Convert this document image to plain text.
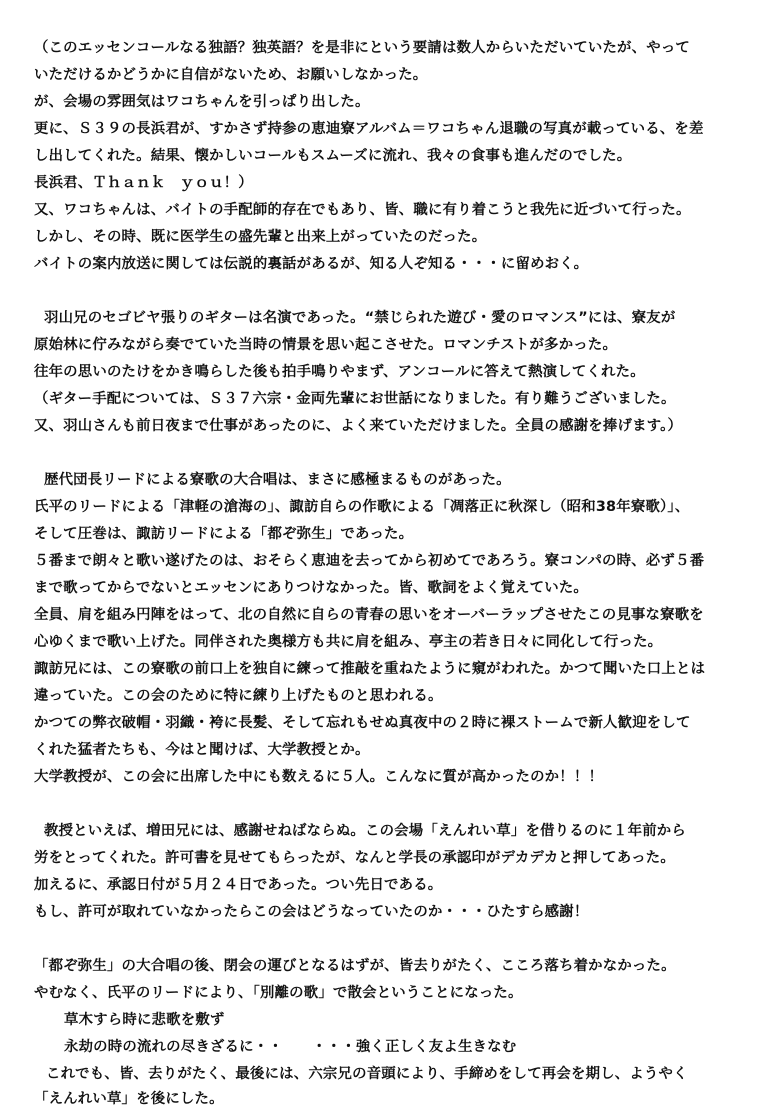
（このエッセンコールなる独語？独英語？を是非にという要請は数人からいただいていたが、やって
いただけるかどうかに自信がないため、お願いしなかった。
が、会場の雰囲気はワコちゃんを引っぱり出した。
更に、Ｓ３９の長浜君が、すかさず持参の恵迪寮アルバム＝ワコちゃん退職の写真が載っている、を差
し出してくれた。結果、懐かしいコールもスムーズに流れ、我々の食事も進んだのでした。
長浜君、Ｔｈａｎｋ　ｙｏｕ！）
又、ワコちゃんは、バイトの手配師的存在でもあり、皆、職に有り着こうと我先に近づいて行った。
しかし、その時、既に医学生の盛先輩と出来上がっていたのだった。
バイトの案内放送に関しては伝説的裏話があるが、知る人ぞ知る・・・に留めおく。
羽山兄のセゴビヤ張りのギターは名演であった。“禁じられた遊び・愛のロマンス”には、寮友が
原始林に佇みながら奏でていた当時の情景を思い起こさせた。ロマンチストが多かった。
往年の思いのたけをかき鳴らした後も拍手鳴りやまず、アンコールに答えて熱演してくれた。
（ギター手配については、Ｓ３７六宗・金両先輩にお世話になりました。有り難うございました。
又、羽山さんも前日夜まで仕事があったのに、よく来ていただけました。全員の感謝を捧げます。）
歴代団長リードによる寮歌の大合唱は、まさに感極まるものがあった。
氏平のリードによる「津軽の滄海の」、諏訪自らの作歌による「凋落正に秋深し（昭和38年寮歌）」、
そして圧巻は、諏訪リードによる「都ぞ弥生」であった。
５番まで朗々と歌い遂げたのは、おそらく恵迪を去ってから初めてであろう。寮コンパの時、必ず５番
まで歌ってからでないとエッセンにありつけなかった。皆、歌詞をよく覚えていた。
全員、肩を組み円陣をはって、北の自然に自らの青春の思いをオーバーラップさせたこの見事な寮歌を
心ゆくまで歌い上げた。同伴された奥様方も共に肩を組み、亭主の若き日々に同化して行った。
諏訪兄には、この寮歌の前口上を独自に練って推敲を重ねたように窺がわれた。かつて聞いた口上とは
違っていた。この会のために特に練り上げたものと思われる。
かつての弊衣破帽・羽織・袴に長髪、そして忘れもせぬ真夜中の２時に裸ストームで新人歓迎をして
くれた猛者たちも、今はと聞けば、大学教授とか。
大学教授が、この会に出席した中にも数えるに５人。こんなに質が高かったのか！！！
教授といえば、増田兄には、感謝せねばならぬ。この会場「えんれい草」を借りるのに１年前から
労をとってくれた。許可書を見せてもらったが、なんと学長の承認印がデカデカと押してあった。
加えるに、承認日付が５月２４日であった。つい先日である。
もし、許可が取れていなかったらこの会はどうなっていたのか・・・ひたすら感謝！
「都ぞ弥生」の大合唱の後、閉会の運びとなるはずが、皆去りがたく、こころ落ち着かなかった。
やむなく、氏平のリードにより、「別離の歌」で散会ということになった。
草木すら時に悲歌を敷ず
永劫の時の流れの尽きざるに・・　　・・・強く正しく友よ生きなむ
これでも、皆、去りがたく、最後には、六宗兄の音頭により、手締めをして再会を期し、ようやく
「えんれい草」を後にした。
